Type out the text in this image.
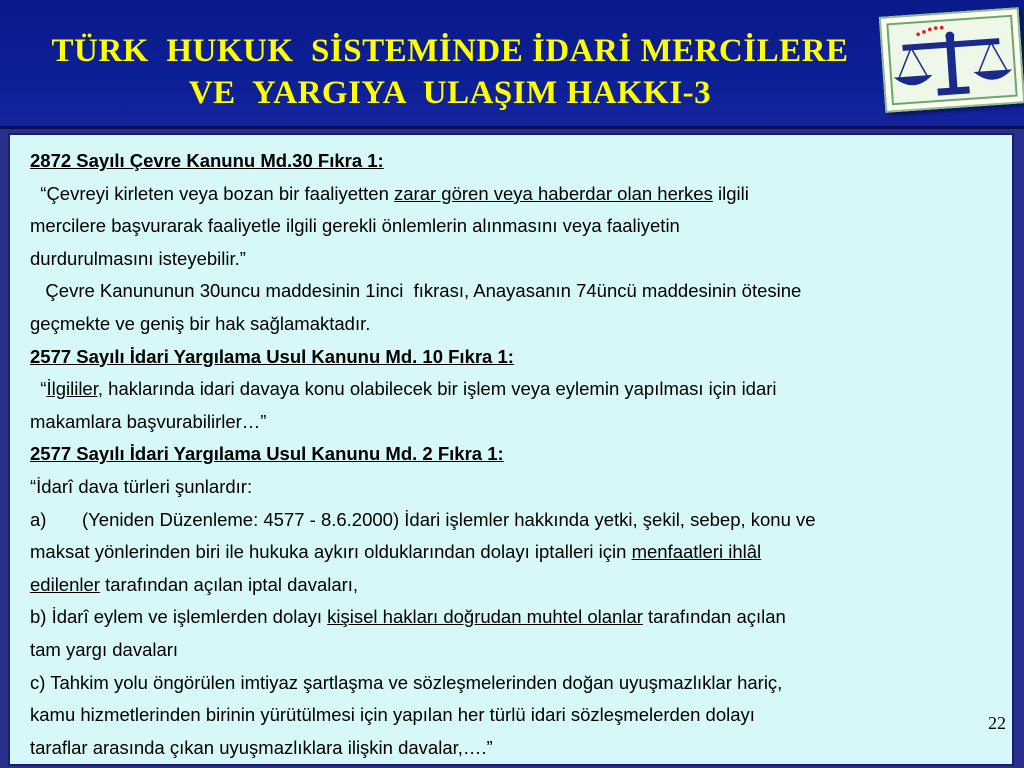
TÜRK  HUKUK  SİSTEMİNDE İDARİ MERCİLERE
VE  YARGIYA  ULAŞIM HAKKI-3
2872 Sayılı Çevre Kanunu Md.30 Fıkra 1:
“Çevreyi kirleten veya bozan bir faaliyetten zarar gören veya haberdar olan herkes ilgili
mercilere başvurarak faaliyetle ilgili gerekli önlemlerin alınmasını veya faaliyetin
durdurulmasını isteyebilir.”
Çevre Kanununun 30uncu maddesinin 1inci  fıkrası, Anayasanın 74üncü maddesinin ötesine
geçmekte ve geniş bir hak sağlamaktadır.
2577 Sayılı İdari Yargılama Usul Kanunu Md. 10 Fıkra 1:
“İlgililer, haklarında idari davaya konu olabilecek bir işlem veya eylemin yapılması için idari
makamlara başvurabilirler…”
2577 Sayılı İdari Yargılama Usul Kanunu Md. 2 Fıkra 1:
“İdarî dava türleri şunlardır:
a) (Yeniden Düzenleme: 4577 - 8.6.2000) İdari işlemler hakkında yetki, şekil, sebep, konu ve
maksat yönlerinden biri ile hukuka aykırı olduklarından dolayı iptalleri için menfaatleri ihlâl
edilenler tarafından açılan iptal davaları,
b) İdarî eylem ve işlemlerden dolayı kişisel hakları doğrudan muhtel olanlar tarafından açılan
tam yargı davaları
c) Tahkim yolu öngörülen imtiyaz şartlaşma ve sözleşmelerinden doğan uyuşmazlıklar hariç,
kamu hizmetlerinden birinin yürütülmesi için yapılan her türlü idari sözleşmelerden dolayı
taraflar arasında çıkan uyuşmazlıklara ilişkin davalar,….”
22
